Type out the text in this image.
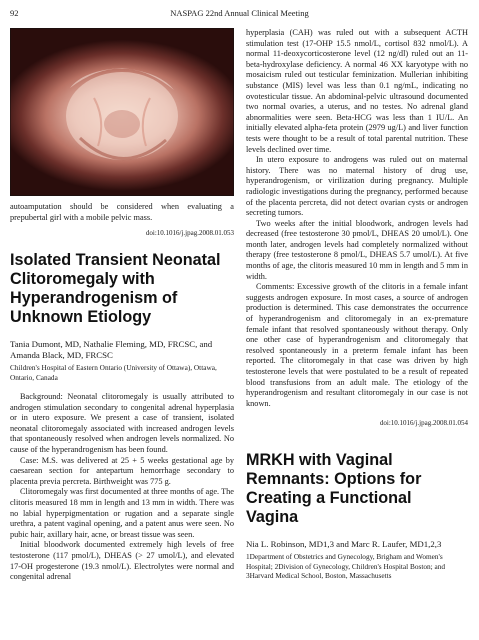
92	NASPAG 22nd Annual Clinical Meeting

autoamputation should be considered when evaluating a prepubertal girl with a mobile pelvic mass.

doi:10.1016/j.jpag.2008.01.053
Isolated Transient Neonatal Clitoromegaly with Hyperandrogenism of Unknown Etiology

Tania Dumont, MD, Nathalie Fleming, MD, FRCSC, and Amanda Black, MD, FRCSC

Children's Hospital of Eastern Ontario (University of Ottawa), Ottawa, Ontario, Canada

Background: Neonatal clitoromegaly is usually attributed to androgen stimulation secondary to congenital adrenal hyperplasia or in utero exposure. We present a case of transient, isolated neonatal clitoromegaly associated with increased androgen levels that spontaneously resolved when androgen levels normalized. No cause of the hyperandrogenism has been found.

Case: M.S. was delivered at 25 + 5 weeks gestational age by caesarean section for antepartum hemorrhage secondary to placenta previa percreta. Birthweight was 775 g.

Clitoromegaly was first documented at three months of age. The clitoris measured 18 mm in length and 13 mm in width. There was no labial hyperpigmentation or rugation and a separate single urethra, a patent vaginal opening, and a patent anus were seen. No pubic hair, axillary hair, acne, or breast tissue was seen.

Initial bloodwork documented extremely high levels of free testosterone (117 pmol/L), DHEAS (> 27 umol/L), and elevated 17-OH progesterone (19.3 nmol/L). Electrolytes were normal and congenital adrenal

hyperplasia (CAH) was ruled out with a subsequent ACTH stimulation test (17-OHP 15.5 nmol/L, cortisol 832 nmol/L). A normal 11-deoxycorticosterone level (12 ng/dl) ruled out an 11-beta-hydroxylase deficiency. A normal 46 XX karyotype with no mosaicism ruled out testicular feminization. Mullerian inhibiting substance (MIS) level was less than 0.1 ng/mL, indicating no ovotesticular tissue. An abdominal-pelvic ultrasound documented two normal ovaries, a uterus, and no testes. No adrenal gland abnormalities were seen. Beta-HCG was less than 1 IU/L. An initially elevated alpha-feta protein (2979 ug/L) and liver function tests were thought to be a result of total parental nutrition. These levels declined over time.

In utero exposure to androgens was ruled out on maternal history. There was no maternal history of drug use, hyperandrogenism, or virilization during pregnancy. Multiple radiologic investigations during the pregnancy, performed because of the placenta percreta, did not detect ovarian cysts or androgen secreting tumors.

Two weeks after the initial bloodwork, androgen levels had decreased (free testosterone 30 pmol/L, DHEAS 20 umol/L). One month later, androgen levels had completely normalized without therapy (free testosterone 8 pmol/L, DHEAS 5.7 umol/L). At five months of age, the clitoris measured 10 mm in length and 5 mm in width.

Comments: Excessive growth of the clitoris in a female infant suggests androgen exposure. In most cases, a source of androgen production is determined. This case demonstrates the occurrence of hyperandrogenism and clitoromegaly in an ex-premature female infant that resolved spontaneously without therapy. Only one other case of hyperandrogenism and clitoromegaly that resolved spontaneously in a preterm female infant has been reported. The clitoromegaly in that case was driven by high testosterone levels that were postulated to be a result of repeated blood transfusions from an adult male. The etiology of the hyperandrogenism and resultant clitoromegaly in our case is not known.

doi:10.1016/j.jpag.2008.01.054
MRKH with Vaginal Remnants: Options for Creating a Functional Vagina

Nia L. Robinson, MD1,3 and Marc R. Laufer, MD1,2,3

1Department of Obstetrics and Gynecology, Brigham and Women's Hospital; 2Division of Gynecology, Children's Hospital Boston; and 3Harvard Medical School, Boston, Massachusetts
